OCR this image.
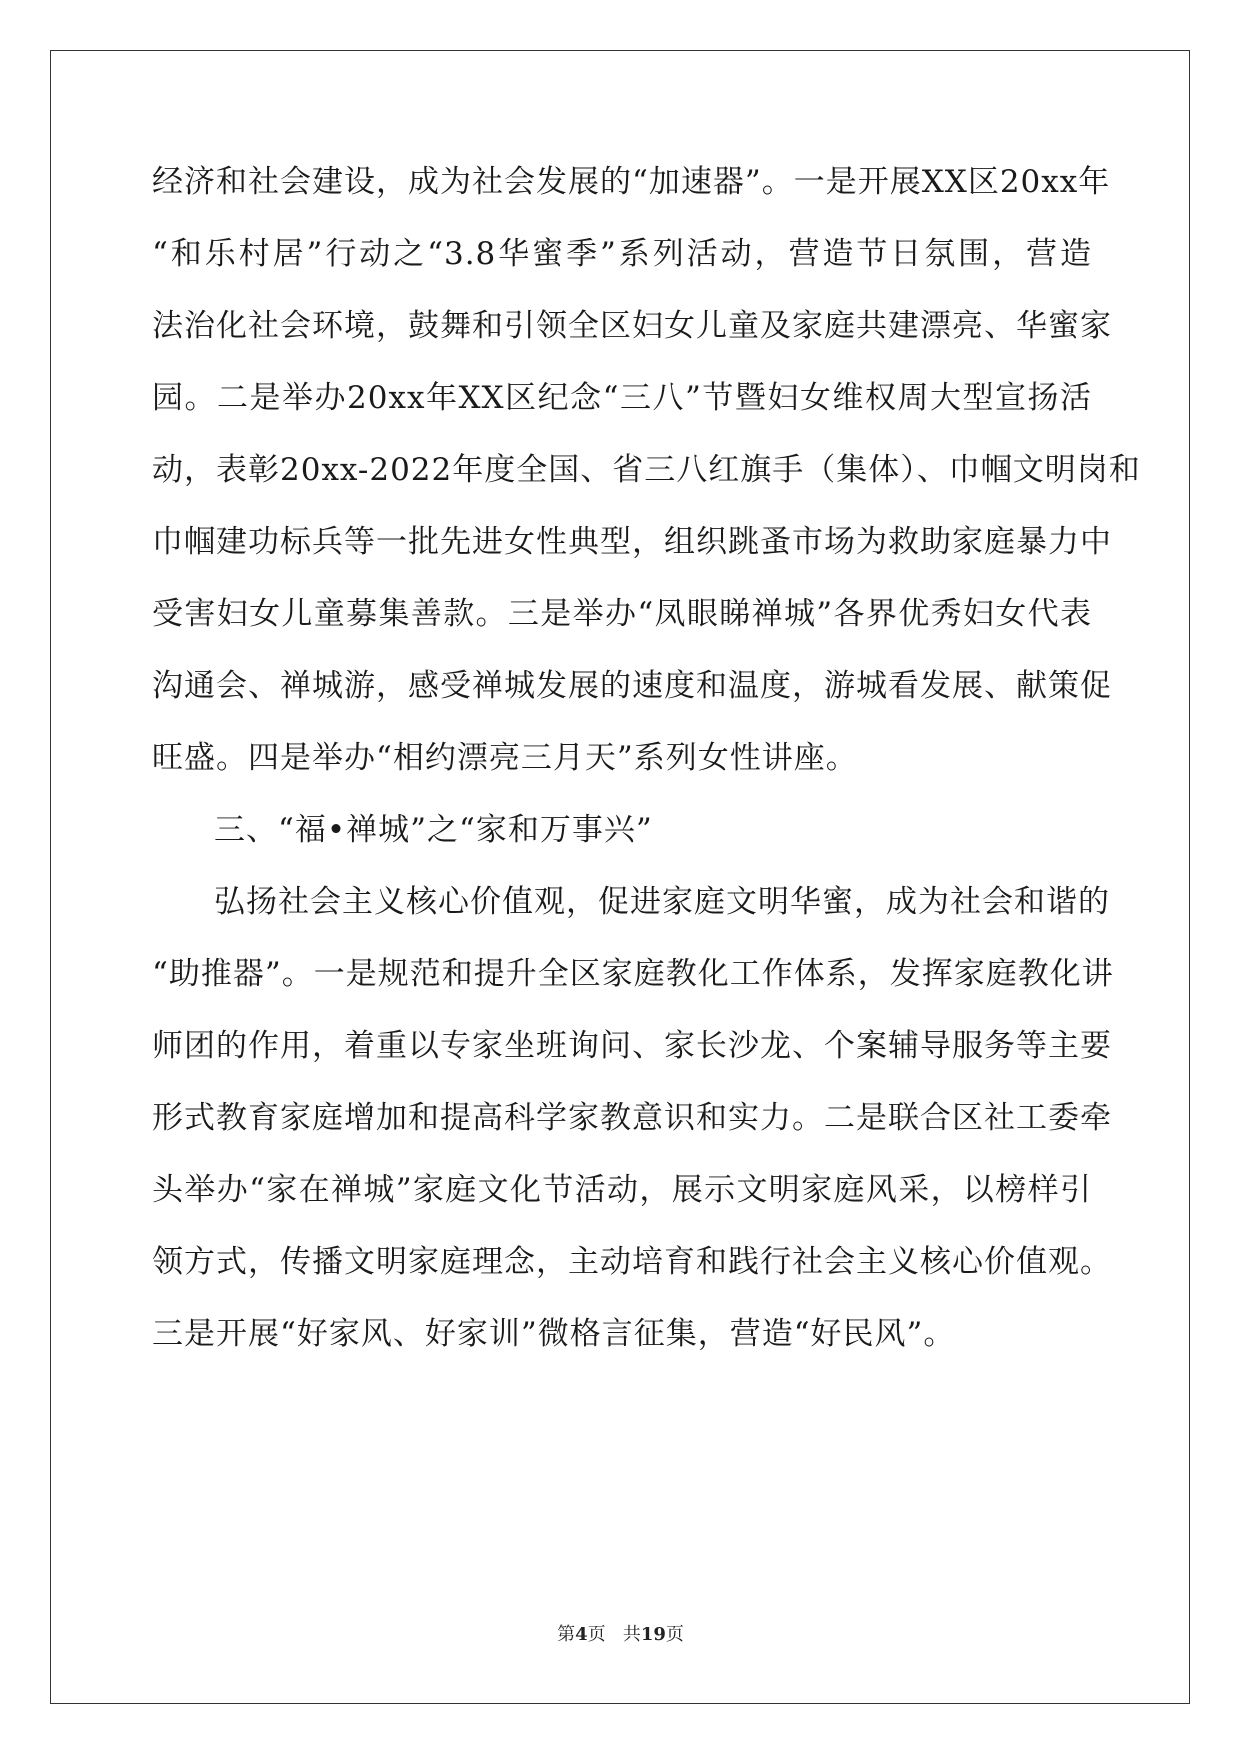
经济和社会建设，成为社会发展的“加速器”。一是开展XX区20xx年
“和乐村居”行动之“3.8华蜜季”系列活动，营造节日氛围，营造
法治化社会环境，鼓舞和引领全区妇女儿童及家庭共建漂亮、华蜜家
园。二是举办20xx年XX区纪念“三八”节暨妇女维权周大型宣扬活
动，表彰20xx-2022年度全国、省三八红旗手（集体）、巾帼文明岗和
巾帼建功标兵等一批先进女性典型，组织跳蚤市场为救助家庭暴力中
受害妇女儿童募集善款。三是举办“凤眼睇禅城”各界优秀妇女代表
沟通会、禅城游，感受禅城发展的速度和温度，游城看发展、献策促
旺盛。四是举办“相约漂亮三月天”系列女性讲座。
三、“福•禅城”之“家和万事兴”
弘扬社会主义核心价值观，促进家庭文明华蜜，成为社会和谐的
“助推器”。一是规范和提升全区家庭教化工作体系，发挥家庭教化讲
师团的作用，着重以专家坐班询问、家长沙龙、个案辅导服务等主要
形式教育家庭增加和提高科学家教意识和实力。二是联合区社工委牵
头举办“家在禅城”家庭文化节活动，展示文明家庭风采，以榜样引
领方式，传播文明家庭理念，主动培育和践行社会主义核心价值观。
三是开展“好家风、好家训”微格言征集，营造“好民风”。
第4页 共19页
